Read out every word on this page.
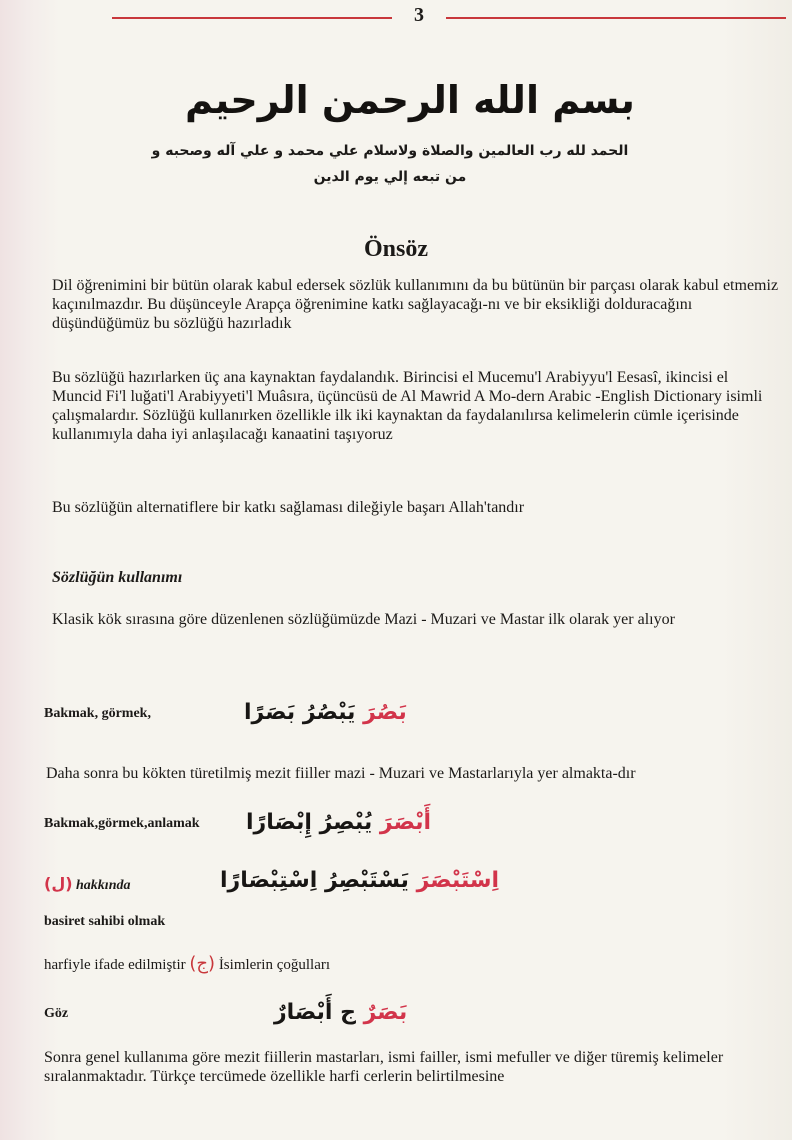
3
بسم الله الرحمن الرحيم
الحمد لله رب العالمين والصلاة ولاسلام علي محمد و علي آله وصحبه و
من تبعه إلي يوم الدين
Önsöz
Dil öğrenimini bir bütün olarak kabul edersek sözlük kullanımını da bu bütünün bir parçası olarak kabul etmemiz kaçınılmazdır. Bu düşünceyle Arapça öğrenimine katkı sağlayacağı-nı ve bir eksikliği dolduracağını düşündüğümüz bu sözlüğü hazırladık
Bu sözlüğü hazırlarken üç ana kaynaktan faydalandık. Birincisi el Mucemu'l Arabiyyu'l Eesasî, ikincisi el Muncid Fi'l luğati'l Arabiyyeti'l Muâsıra, üçüncüsü de Al Mawrid A Mo-dern Arabic -English Dictionary isimli çalışmalardır. Sözlüğü kullanırken özellikle ilk iki kaynaktan da faydalanılırsa kelimelerin cümle içerisinde kullanımıyla daha iyi anlaşılacağı kanaatini taşıyoruz
Bu sözlüğün alternatiflere bir katkı sağlaması dileğiyle başarı Allah'tandır
Sözlüğün kullanımı
Klasik kök sırasına göre düzenlenen sözlüğümüzde Mazi - Muzari ve Mastar ilk olarak yer alıyor
Bakmak, görmek,	بَصُرَ يَبْصُرُ بَصَرًا
Daha sonra bu kökten türetilmiş mezit fiiller mazi - Muzari ve Mastarlarıyla yer almakta-dır
Bakmak,görmek,anlamak	أَبْصَرَ يُبْصِرُ إِبْصَارًا
(ل) hakkında	اِسْتَبْصَرَ يَسْتَبْصِرُ اِسْتِبْصَارًا
basiret sahibi olmak
harfiyle ifade edilmiştir (ج) İsimlerin çoğulları
Göz	بَصَرٌ ج أَبْصَارٌ
Sonra genel kullanıma göre mezit fiillerin mastarları, ismi failler, ismi mefuller ve diğer türemiş kelimeler sıralanmaktadır. Türkçe tercümede özellikle harfi cerlerin belirtilmesine
